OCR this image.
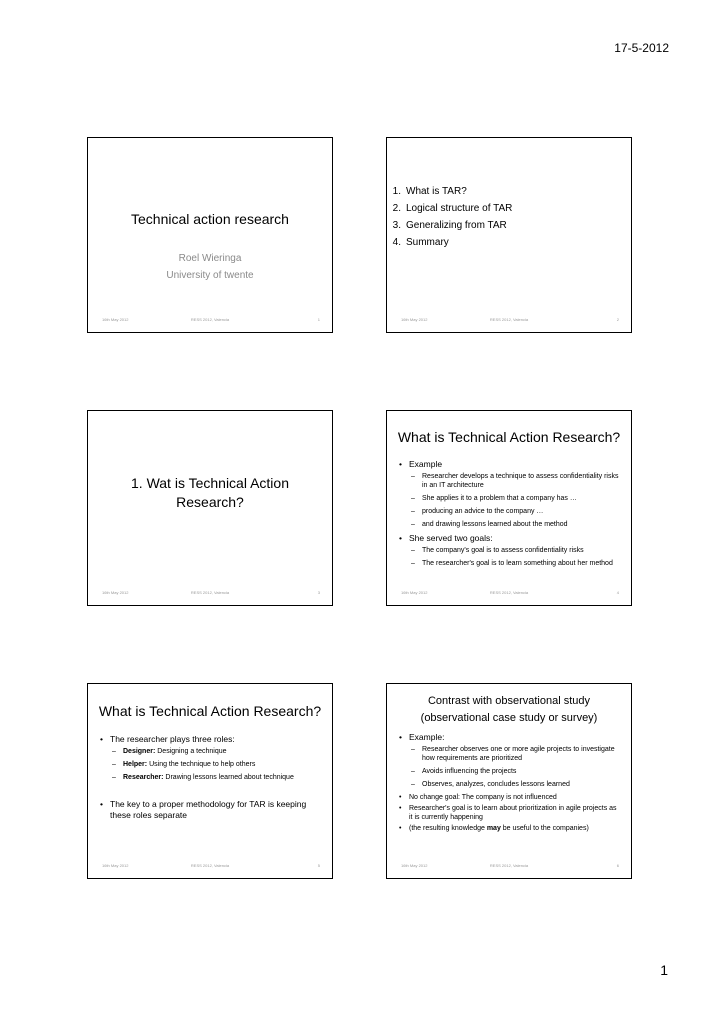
17-5-2012
Technical action research
Roel Wieringa
University of twente
16th May 2012	RESS 2012, Valencia	1
1. What is TAR?
2. Logical structure of TAR
3. Generalizing from TAR
4. Summary
16th May 2012	RESS 2012, Valencia	2
1. Wat is Technical Action
Research?
16th May 2012	RESS 2012, Valencia	3
What is Technical Action Research?
• Example
– Researcher develops a technique to assess confidentiality risks in an IT architecture
– She applies it to a problem that a company has …
– producing an advice to the company …
– and drawing lessons learned about the method
• She served two goals:
– The company's goal is to assess confidentiality risks
– The researcher's goal is to learn something about her method
16th May 2012	RESS 2012, Valencia	4
What is Technical Action Research?
• The researcher plays three roles:
– Designer: Designing a technique
– Helper: Using the technique to help others
– Researcher: Drawing lessons learned about technique
• The key to a proper methodology for TAR is keeping these roles separate
16th May 2012	RESS 2012, Valencia	5
Contrast with observational study
(observational case study or survey)
• Example:
– Researcher observes one or more agile projects to investigate how requirements are prioritized
– Avoids influencing the projects
– Observes, analyzes, concludes lessons learned
• No change goal: The company is not influenced
• Researcher's goal is to learn about prioritization in agile projects as it is currently happening
• (the resulting knowledge may be useful to the companies)
16th May 2012	RESS 2012, Valencia	6
1
